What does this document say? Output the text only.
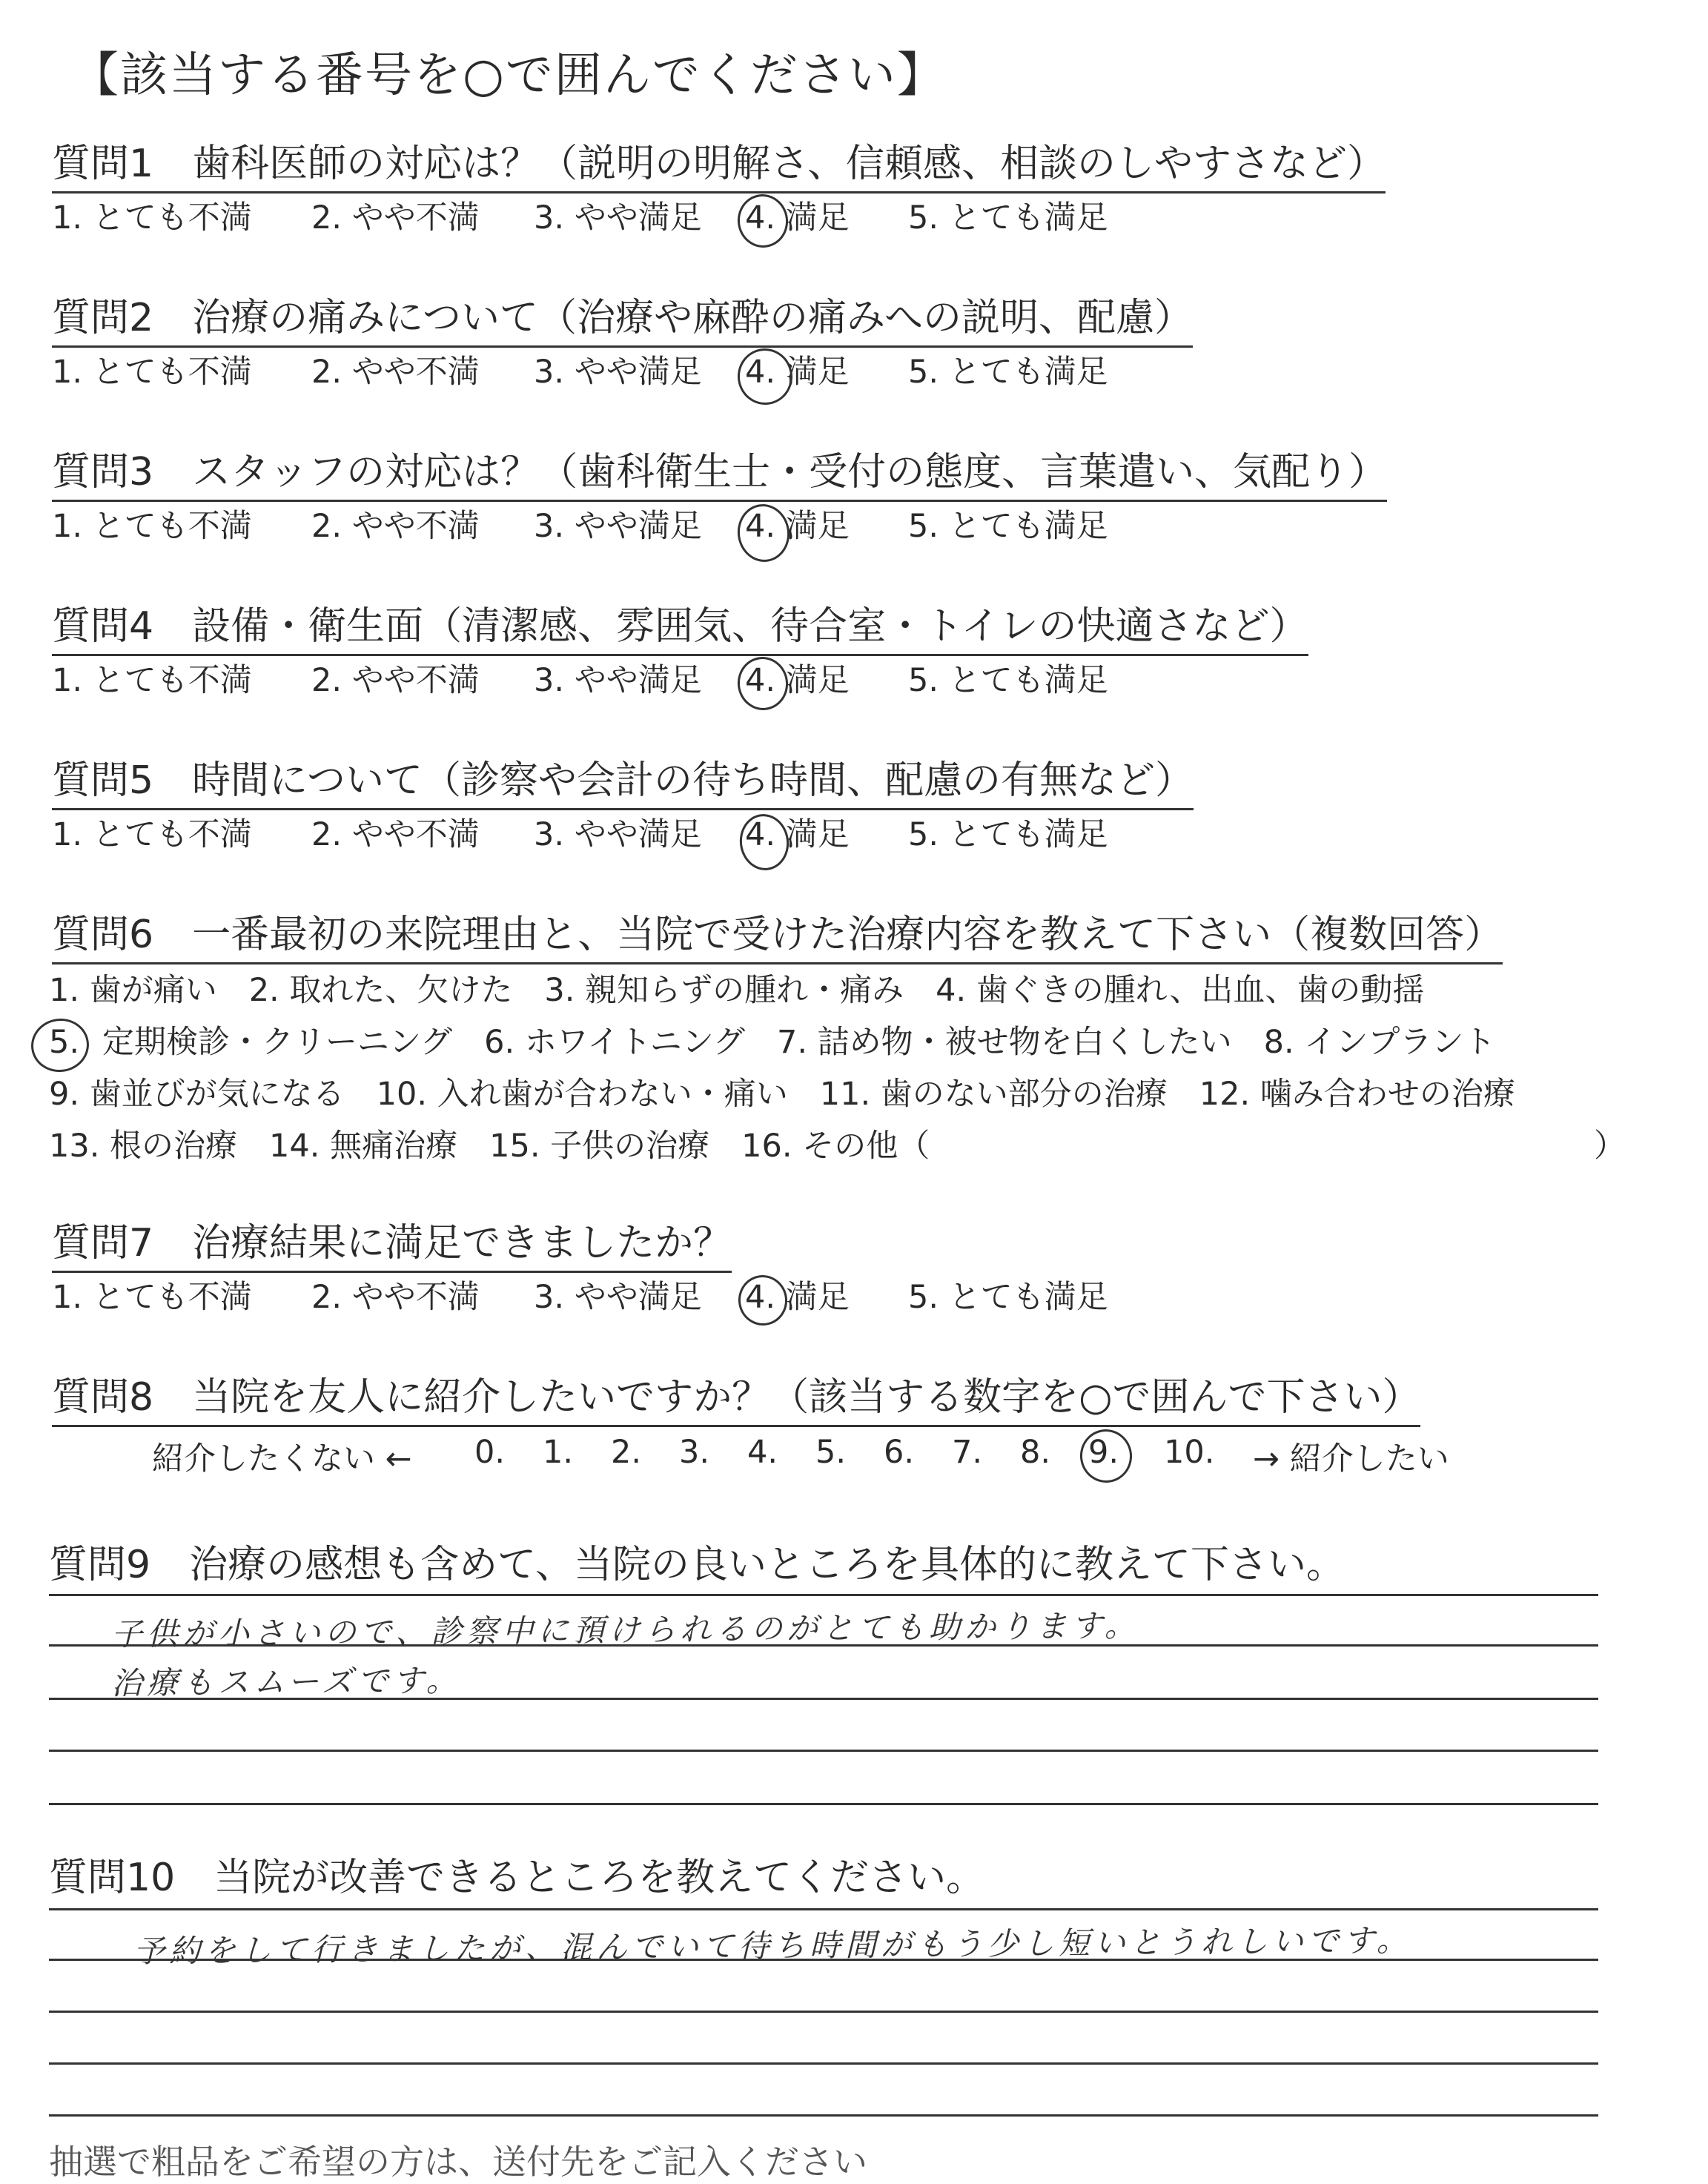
【該当する番号を○で囲んでください】
質問1　歯科医師の対応は？（説明の明解さ、信頼感、相談のしやすさなど）
1. とても不満 2. やや不満 3. やや満足 4. 満足 5. とても満足
質問2　治療の痛みについて（治療や麻酔の痛みへの説明、配慮）
1. とても不満 2. やや不満 3. やや満足 4. 満足 5. とても満足
質問3　スタッフの対応は？（歯科衛生士・受付の態度、言葉遣い、気配り）
1. とても不満 2. やや不満 3. やや満足 4. 満足 5. とても満足
質問4　設備・衛生面（清潔感、雰囲気、待合室・トイレの快適さなど）
1. とても不満 2. やや不満 3. やや満足 4. 満足 5. とても満足
質問5　時間について（診察や会計の待ち時間、配慮の有無など）
1. とても不満 2. やや不満 3. やや満足 4. 満足 5. とても満足
質問6　一番最初の来院理由と、当院で受けた治療内容を教えて下さい（複数回答）
1. 歯が痛い　2. 取れた、欠けた　3. 親知らずの腫れ・痛み　4. 歯ぐきの腫れ、出血、歯の動揺
5. 定期検診・クリーニング　6. ホワイトニング　7. 詰め物・被せ物を白くしたい　8. インプラント
9. 歯並びが気になる　10. 入れ歯が合わない・痛い　11. 歯のない部分の治療　12. 噛み合わせの治療
13. 根の治療　14. 無痛治療　15. 子供の治療　16. その他（	）
質問7　治療結果に満足できましたか？
1. とても不満 2. やや不満 3. やや満足 4. 満足 5. とても満足
質問8　当院を友人に紹介したいですか？（該当する数字を○で囲んで下さい）
紹介したくない ← 0. 1. 2. 3. 4. 5. 6. 7. 8. 9. 10. → 紹介したい
質問9　治療の感想も含めて、当院の良いところを具体的に教えて下さい。
子供が小さいので、診察中に預けられるのがとても助かります。
治療もスムーズです。
質問10　当院が改善できるところを教えてください。
予約をして行きましたが、混んでいて待ち時間がもう少し短いとうれしいです。
抽選で粗品をご希望の方は、送付先をご記入ください
